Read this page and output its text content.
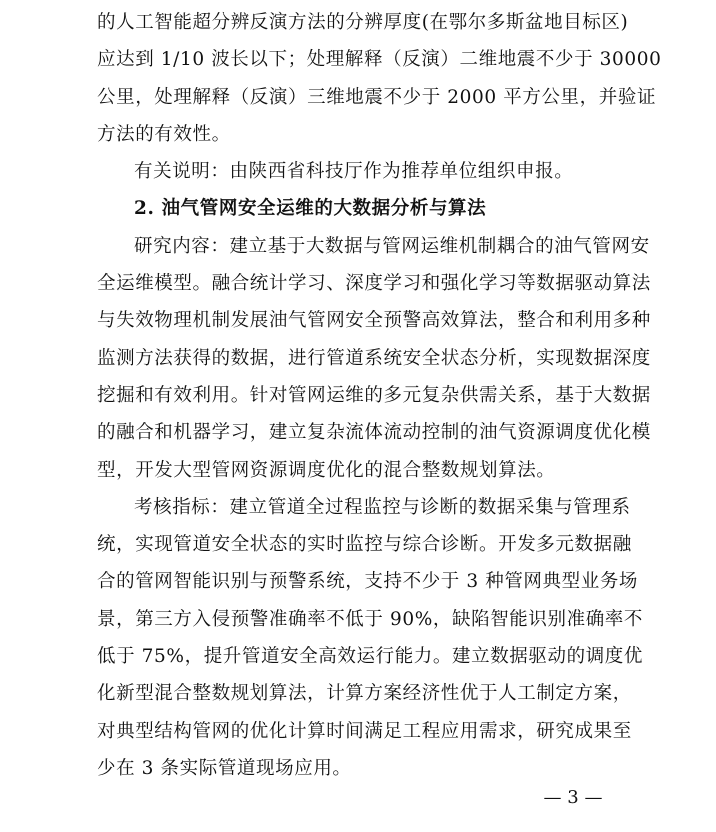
的人工智能超分辨反演方法的分辨厚度(在鄂尔多斯盆地目标区)
应达到 1/10 波长以下；处理解释（反演）二维地震不少于 30000
公里，处理解释（反演）三维地震不少于 2000 平方公里，并验证
方法的有效性。
有关说明：由陕西省科技厅作为推荐单位组织申报。
2. 油气管网安全运维的大数据分析与算法
研究内容：建立基于大数据与管网运维机制耦合的油气管网安
全运维模型。融合统计学习、深度学习和强化学习等数据驱动算法
与失效物理机制发展油气管网安全预警高效算法，整合和利用多种
监测方法获得的数据，进行管道系统安全状态分析，实现数据深度
挖掘和有效利用。针对管网运维的多元复杂供需关系，基于大数据
的融合和机器学习，建立复杂流体流动控制的油气资源调度优化模
型，开发大型管网资源调度优化的混合整数规划算法。
考核指标：建立管道全过程监控与诊断的数据采集与管理系
统，实现管道安全状态的实时监控与综合诊断。开发多元数据融
合的管网智能识别与预警系统，支持不少于 3 种管网典型业务场
景，第三方入侵预警准确率不低于 90%，缺陷智能识别准确率不
低于 75%，提升管道安全高效运行能力。建立数据驱动的调度优
化新型混合整数规划算法，计算方案经济性优于人工制定方案，
对典型结构管网的优化计算时间满足工程应用需求，研究成果至
少在 3 条实际管道现场应用。
— 3 —
